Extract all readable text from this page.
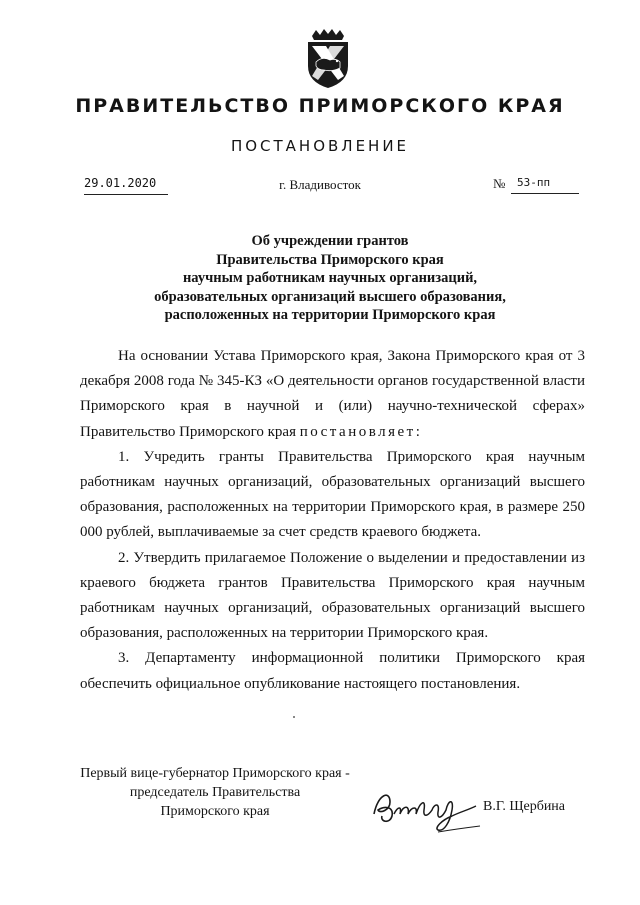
ПРАВИТЕЛЬСТВО ПРИМОРСКОГО КРАЯ
ПОСТАНОВЛЕНИЕ
29.01.2020	г. Владивосток	№	53-пп
Об учреждении грантов
Правительства Приморского края
научным работникам научных организаций,
образовательных организаций высшего образования,
расположенных на территории Приморского края

На основании Устава Приморского края, Закона Приморского края от 3 декабря 2008 года № 345-КЗ «О деятельности органов государственной власти Приморского края в научной и (или) научно-технической сферах» Правительство Приморского края постановляет:

1. Учредить гранты Правительства Приморского края научным работникам научных организаций, образовательных организаций высшего образования, расположенных на территории Приморского края, в размере 250 000 рублей, выплачиваемые за счет средств краевого бюджета.

2. Утвердить прилагаемое Положение о выделении и предоставлении из краевого бюджета грантов Правительства Приморского края научным работникам научных организаций, образовательных организаций высшего образования, расположенных на территории Приморского края.

3. Департаменту информационной политики Приморского края обеспечить официальное опубликование настоящего постановления.

Первый вице-губернатор Приморского края -
председатель Правительства
Приморского края	В.Г. Щербина
